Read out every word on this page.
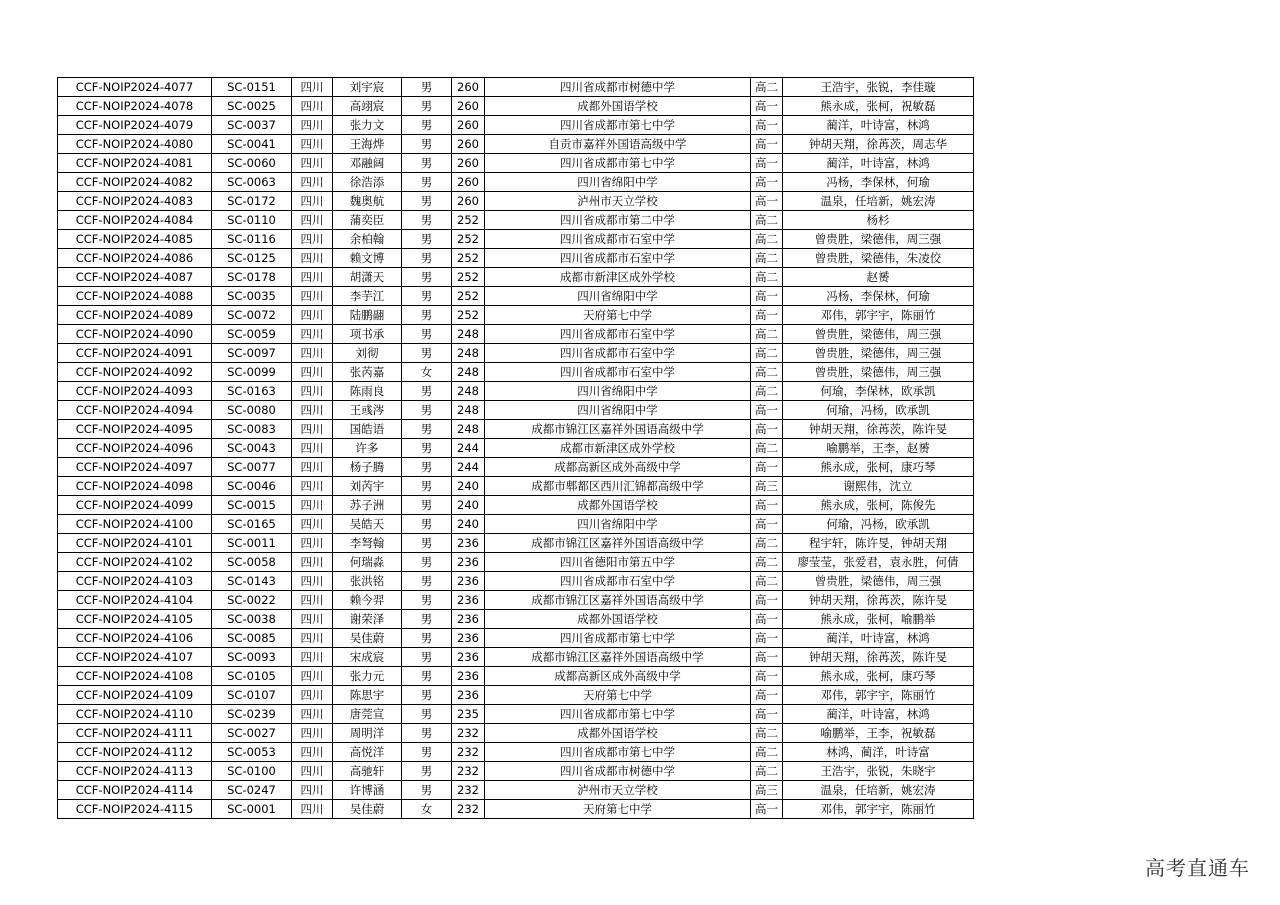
CCF-NOIP2024-4077	SC-0151	四川	刘宇宸	男	260	四川省成都市树德中学	高二	王浩宇，张锐，李佳璇
CCF-NOIP2024-4078	SC-0025	四川	高翊宸	男	260	成都外国语学校	高一	熊永成，张柯，祝敏磊
CCF-NOIP2024-4079	SC-0037	四川	张力文	男	260	四川省成都市第七中学	高一	蔺洋，叶诗富，林鸿
CCF-NOIP2024-4080	SC-0041	四川	王海烨	男	260	自贡市嘉祥外国语高级中学	高一	钟胡天翔，徐苒茨，周志华
CCF-NOIP2024-4081	SC-0060	四川	邓融阔	男	260	四川省成都市第七中学	高一	蔺洋，叶诗富，林鸿
CCF-NOIP2024-4082	SC-0063	四川	徐浩添	男	260	四川省绵阳中学	高一	冯杨，李保林，何瑜
CCF-NOIP2024-4083	SC-0172	四川	魏奥航	男	260	泸州市天立学校	高一	温泉，任培新，姚宏涛
CCF-NOIP2024-4084	SC-0110	四川	蒲奕臣	男	252	四川省成都市第二中学	高二	杨杉
CCF-NOIP2024-4085	SC-0116	四川	余柏翰	男	252	四川省成都市石室中学	高二	曾贵胜，梁德伟，周三强
CCF-NOIP2024-4086	SC-0125	四川	赖文博	男	252	四川省成都市石室中学	高二	曾贵胜，梁德伟，朱凌佼
CCF-NOIP2024-4087	SC-0178	四川	胡潇天	男	252	成都市新津区成外学校	高二	赵赟
CCF-NOIP2024-4088	SC-0035	四川	李芋江	男	252	四川省绵阳中学	高一	冯杨，李保林，何瑜
CCF-NOIP2024-4089	SC-0072	四川	陆鹏翮	男	252	天府第七中学	高一	邓伟，郭宇宇，陈丽竹
CCF-NOIP2024-4090	SC-0059	四川	项书承	男	248	四川省成都市石室中学	高二	曾贵胜，梁德伟，周三强
CCF-NOIP2024-4091	SC-0097	四川	刘彻	男	248	四川省成都市石室中学	高二	曾贵胜，梁德伟，周三强
CCF-NOIP2024-4092	SC-0099	四川	张芮嘉	女	248	四川省成都市石室中学	高二	曾贵胜，梁德伟，周三强
CCF-NOIP2024-4093	SC-0163	四川	陈雨良	男	248	四川省绵阳中学	高二	何瑜，李保林，欧承凯
CCF-NOIP2024-4094	SC-0080	四川	王彧涔	男	248	四川省绵阳中学	高一	何瑜，冯杨，欧承凯
CCF-NOIP2024-4095	SC-0083	四川	国皓语	男	248	成都市锦江区嘉祥外国语高级中学	高一	钟胡天翔，徐苒茨，陈许旻
CCF-NOIP2024-4096	SC-0043	四川	许多	男	244	成都市新津区成外学校	高二	喻鹏举，王李，赵赟
CCF-NOIP2024-4097	SC-0077	四川	杨子腾	男	244	成都高新区成外高级中学	高一	熊永成，张柯，康巧琴
CCF-NOIP2024-4098	SC-0046	四川	刘芮宇	男	240	成都市郫都区西川汇锦都高级中学	高三	谢熙伟，沈立
CCF-NOIP2024-4099	SC-0015	四川	苏子洲	男	240	成都外国语学校	高一	熊永成，张柯，陈俊先
CCF-NOIP2024-4100	SC-0165	四川	吴皓天	男	240	四川省绵阳中学	高一	何瑜，冯杨，欧承凯
CCF-NOIP2024-4101	SC-0011	四川	李弩翰	男	236	成都市锦江区嘉祥外国语高级中学	高二	程宇轩，陈许旻，钟胡天翔
CCF-NOIP2024-4102	SC-0058	四川	何瑞淼	男	236	四川省德阳市第五中学	高二	廖莹莹，张爱君，袁永胜，何倩
CCF-NOIP2024-4103	SC-0143	四川	张洪铭	男	236	四川省成都市石室中学	高二	曾贵胜，梁德伟，周三强
CCF-NOIP2024-4104	SC-0022	四川	赖今羿	男	236	成都市锦江区嘉祥外国语高级中学	高一	钟胡天翔，徐苒茨，陈许旻
CCF-NOIP2024-4105	SC-0038	四川	谢荣泽	男	236	成都外国语学校	高一	熊永成，张柯，喻鹏举
CCF-NOIP2024-4106	SC-0085	四川	吴佳蔚	男	236	四川省成都市第七中学	高一	蔺洋，叶诗富，林鸿
CCF-NOIP2024-4107	SC-0093	四川	宋成宸	男	236	成都市锦江区嘉祥外国语高级中学	高一	钟胡天翔，徐苒茨，陈许旻
CCF-NOIP2024-4108	SC-0105	四川	张力元	男	236	成都高新区成外高级中学	高一	熊永成，张柯，康巧琴
CCF-NOIP2024-4109	SC-0107	四川	陈思宇	男	236	天府第七中学	高一	邓伟，郭宇宇，陈丽竹
CCF-NOIP2024-4110	SC-0239	四川	唐莞宣	男	235	四川省成都市第七中学	高一	蔺洋，叶诗富，林鸿
CCF-NOIP2024-4111	SC-0027	四川	周明洋	男	232	成都外国语学校	高二	喻鹏举，王李，祝敏磊
CCF-NOIP2024-4112	SC-0053	四川	高悦洋	男	232	四川省成都市第七中学	高二	林鸿，蔺洋，叶诗富
CCF-NOIP2024-4113	SC-0100	四川	高驰轩	男	232	四川省成都市树德中学	高二	王浩宇，张锐，朱晓宇
CCF-NOIP2024-4114	SC-0247	四川	许博涵	男	232	泸州市天立学校	高三	温泉，任培新，姚宏涛
CCF-NOIP2024-4115	SC-0001	四川	吴佳蔚	女	232	天府第七中学	高一	邓伟，郭宇宇，陈丽竹
高考直通车
